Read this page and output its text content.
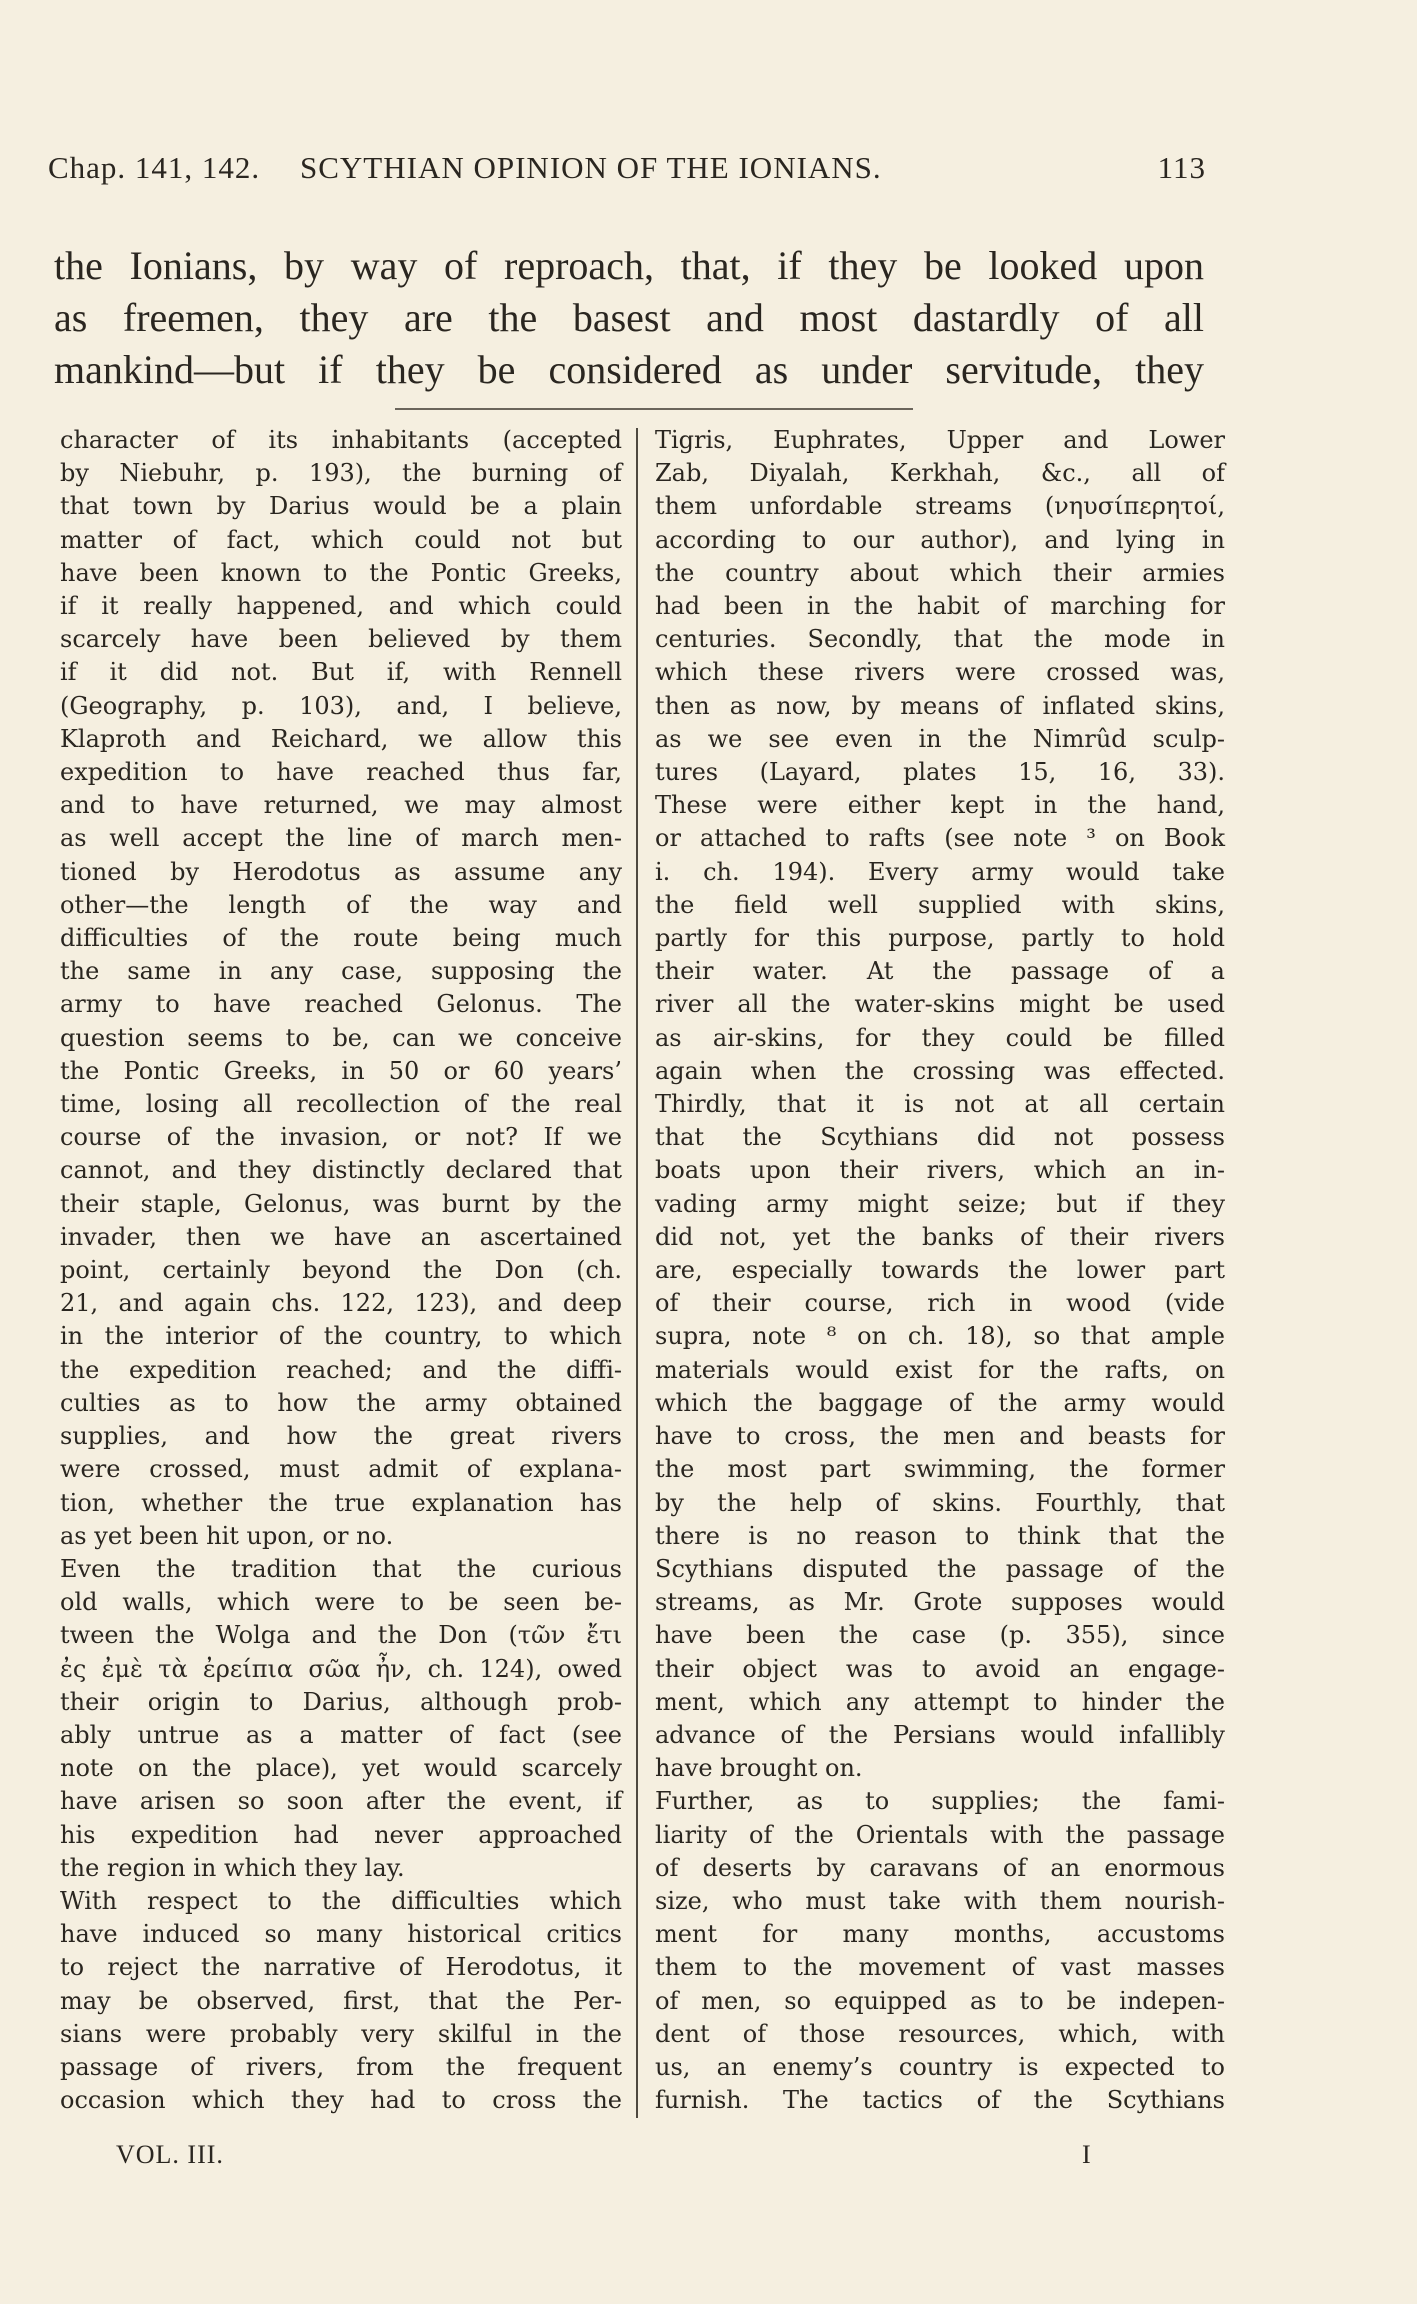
Chap. 141, 142. SCYTHIAN OPINION OF THE IONIANS.	113
the Ionians, by way of reproach, that, if they be looked upon
as freemen, they are the basest and most dastardly of all
mankind—but if they be considered as under servitude, they
character of its inhabitants (accepted
by Niebuhr, p. 193), the burning of
that town by Darius would be a plain
matter of fact, which could not but
have been known to the Pontic Greeks,
if it really happened, and which could
scarcely have been believed by them
if it did not. But if, with Rennell
(Geography, p. 103), and, I believe,
Klaproth and Reichard, we allow this
expedition to have reached thus far,
and to have returned, we may almost
as well accept the line of march men-
tioned by Herodotus as assume any
other—the length of the way and
difficulties of the route being much
the same in any case, supposing the
army to have reached Gelonus. The
question seems to be, can we conceive
the Pontic Greeks, in 50 or 60 years’
time, losing all recollection of the real
course of the invasion, or not? If we
cannot, and they distinctly declared that
their staple, Gelonus, was burnt by the
invader, then we have an ascertained
point, certainly beyond the Don (ch.
21, and again chs. 122, 123), and deep
in the interior of the country, to which
the expedition reached; and the diffi-
culties as to how the army obtained
supplies, and how the great rivers
were crossed, must admit of explana-
tion, whether the true explanation has
as yet been hit upon, or no.
Even the tradition that the curious
old walls, which were to be seen be-
tween the Wolga and the Don (τῶν ἔτι
ἐς ἐμὲ τὰ ἐρείπια σῶα ἦν, ch. 124), owed
their origin to Darius, although prob-
ably untrue as a matter of fact (see
note on the place), yet would scarcely
have arisen so soon after the event, if
his expedition had never approached
the region in which they lay.
With respect to the difficulties which
have induced so many historical critics
to reject the narrative of Herodotus, it
may be observed, first, that the Per-
sians were probably very skilful in the
passage of rivers, from the frequent
occasion which they had to cross the
Tigris, Euphrates, Upper and Lower
Zab, Diyalah, Kerkhah, &c., all of
them unfordable streams (νηυσίπερητοί,
according to our author), and lying in
the country about which their armies
had been in the habit of marching for
centuries. Secondly, that the mode in
which these rivers were crossed was,
then as now, by means of inflated skins,
as we see even in the Nimrûd sculp-
tures (Layard, plates 15, 16, 33).
These were either kept in the hand,
or attached to rafts (see note ³ on Book
i. ch. 194). Every army would take
the field well supplied with skins,
partly for this purpose, partly to hold
their water. At the passage of a
river all the water-skins might be used
as air-skins, for they could be filled
again when the crossing was effected.
Thirdly, that it is not at all certain
that the Scythians did not possess
boats upon their rivers, which an in-
vading army might seize; but if they
did not, yet the banks of their rivers
are, especially towards the lower part
of their course, rich in wood (vide
supra, note ⁸ on ch. 18), so that ample
materials would exist for the rafts, on
which the baggage of the army would
have to cross, the men and beasts for
the most part swimming, the former
by the help of skins. Fourthly, that
there is no reason to think that the
Scythians disputed the passage of the
streams, as Mr. Grote supposes would
have been the case (p. 355), since
their object was to avoid an engage-
ment, which any attempt to hinder the
advance of the Persians would infallibly
have brought on.
Further, as to supplies; the fami-
liarity of the Orientals with the passage
of deserts by caravans of an enormous
size, who must take with them nourish-
ment for many months, accustoms
them to the movement of vast masses
of men, so equipped as to be indepen-
dent of those resources, which, with
us, an enemy’s country is expected to
furnish. The tactics of the Scythians
VOL. III.	I
